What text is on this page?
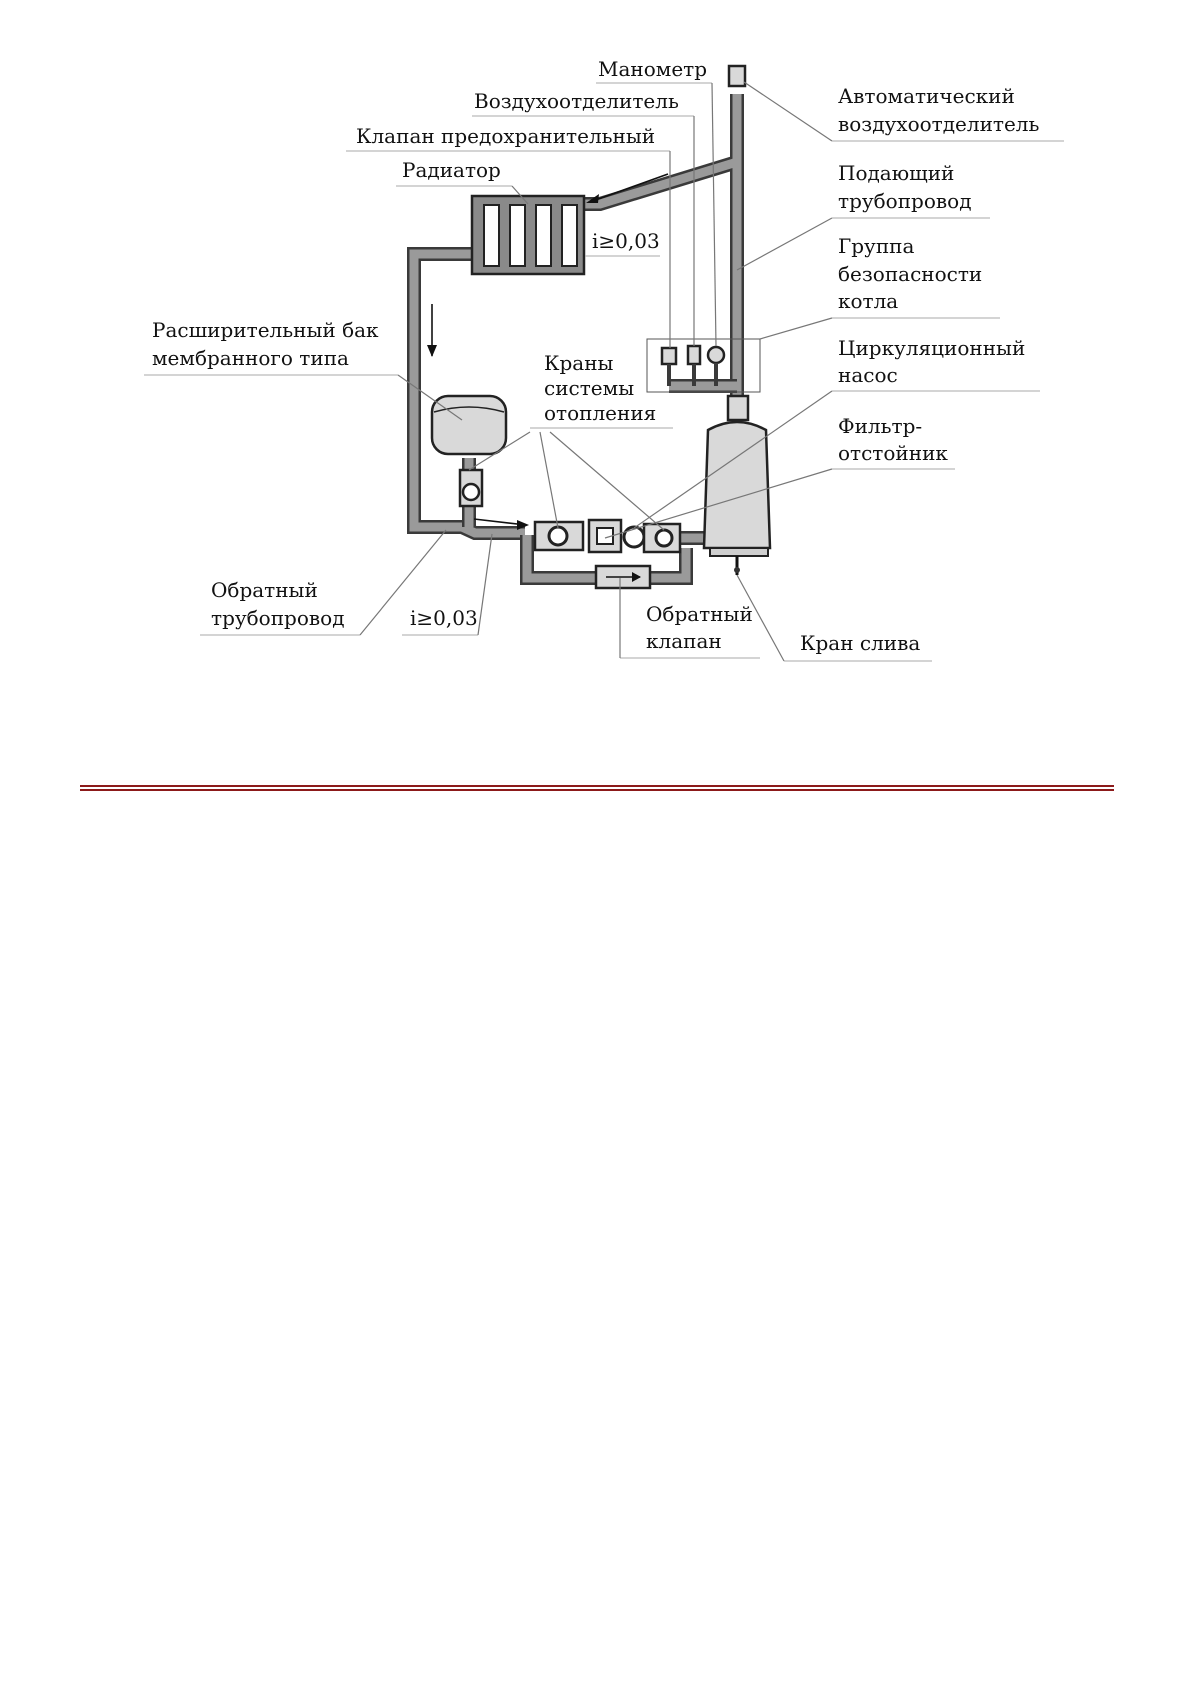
Манометр
Воздухоотделитель
Клапан предохранительный
Радиатор
i≥0,03
Автоматический
воздухоотделитель
Подающий
трубопровод
Группа
безопасности
котла
Расширительный бак
мембранного типа	Краны
системы
отопления
Циркуляционный
насос
Фильтр-
отстойник
Обратный
трубопровод	i≥0,03	Обратный
клапан	Кран слива
